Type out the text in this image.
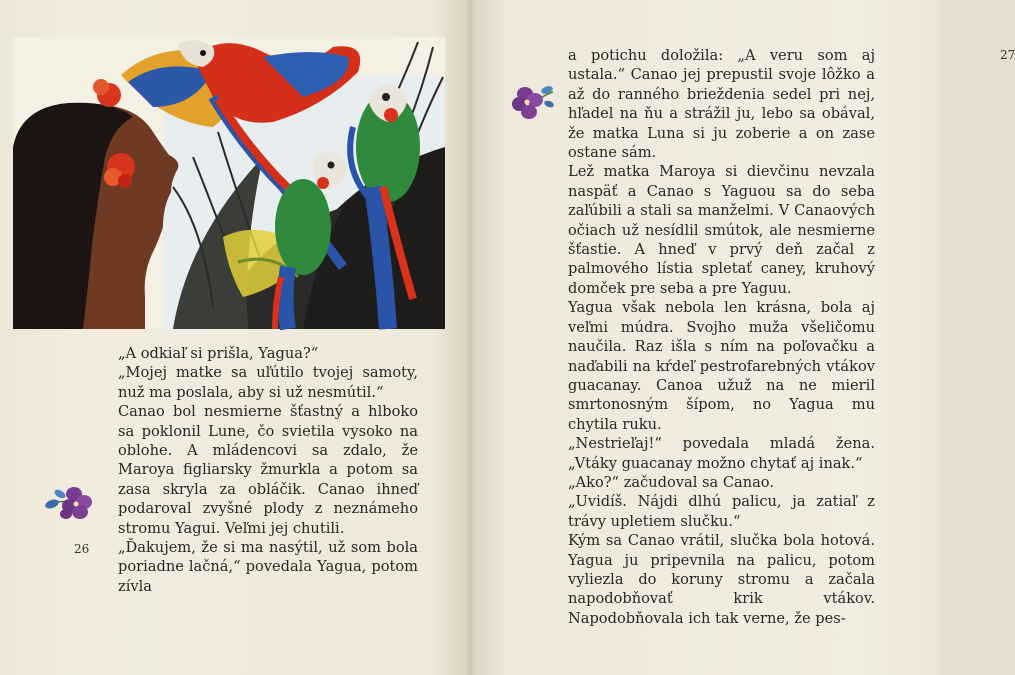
„A odkiaľ si prišla, Yagua?“

„Mojej matke sa uľútilo tvojej samoty, nuž ma poslala, aby si už nesmútil.“

Canao bol nesmierne šťastný a hlboko sa poklonil Lune, čo svietila vysoko na oblohe. A mládencovi sa zdalo, že Maroya figliarsky žmurkla a potom sa zasa skryla za obláčik. Canao ihneď podaroval zvyšné plody z neznámeho stromu Yagui. Veľmi jej chutili.

„Ďakujem, že si ma nasýtil, už som bola poriadne lačná,“ povedala Yagua, potom zívla

26
27

a potichu doložila: „A veru som aj ustala.“ Canao jej prepustil svoje lôžko a až do ranného brieždenia sedel pri nej, hľadel na ňu a strážil ju, lebo sa obával, že matka Luna si ju zoberie a on zase ostane sám.

Lež matka Maroya si dievčinu nevzala naspäť a Canao s Yaguou sa do seba zaľúbili a stali sa manželmi. V Canaových očiach už nesídlil smútok, ale nesmierne šťastie. A hneď v prvý deň začal z palmového lístia spletať caney, kruhový domček pre seba a pre Yaguu.

Yagua však nebola len krásna, bola aj veľmi múdra. Svojho muža všeličomu naučila. Raz išla s ním na poľovačku a naďabili na kŕdeľ pestrofarebných vtákov guacanay. Canoa užuž na ne mieril smrtonosným šípom, no Yagua mu chytila ruku.

„Nestrieľaj!“ povedala mladá žena. „Vtáky guacanay možno chytať aj inak.“

„Ako?“ začudoval sa Canao.

„Uvidíš. Nájdi dlhú palicu, ja zatiaľ z trávy upletiem slučku.“

Kým sa Canao vrátil, slučka bola hotová. Yagua ju pripevnila na palicu, potom vyliezla do koruny stromu a začala napodobňovať krik vtákov. Napodobňovala ich tak verne, že pes-
